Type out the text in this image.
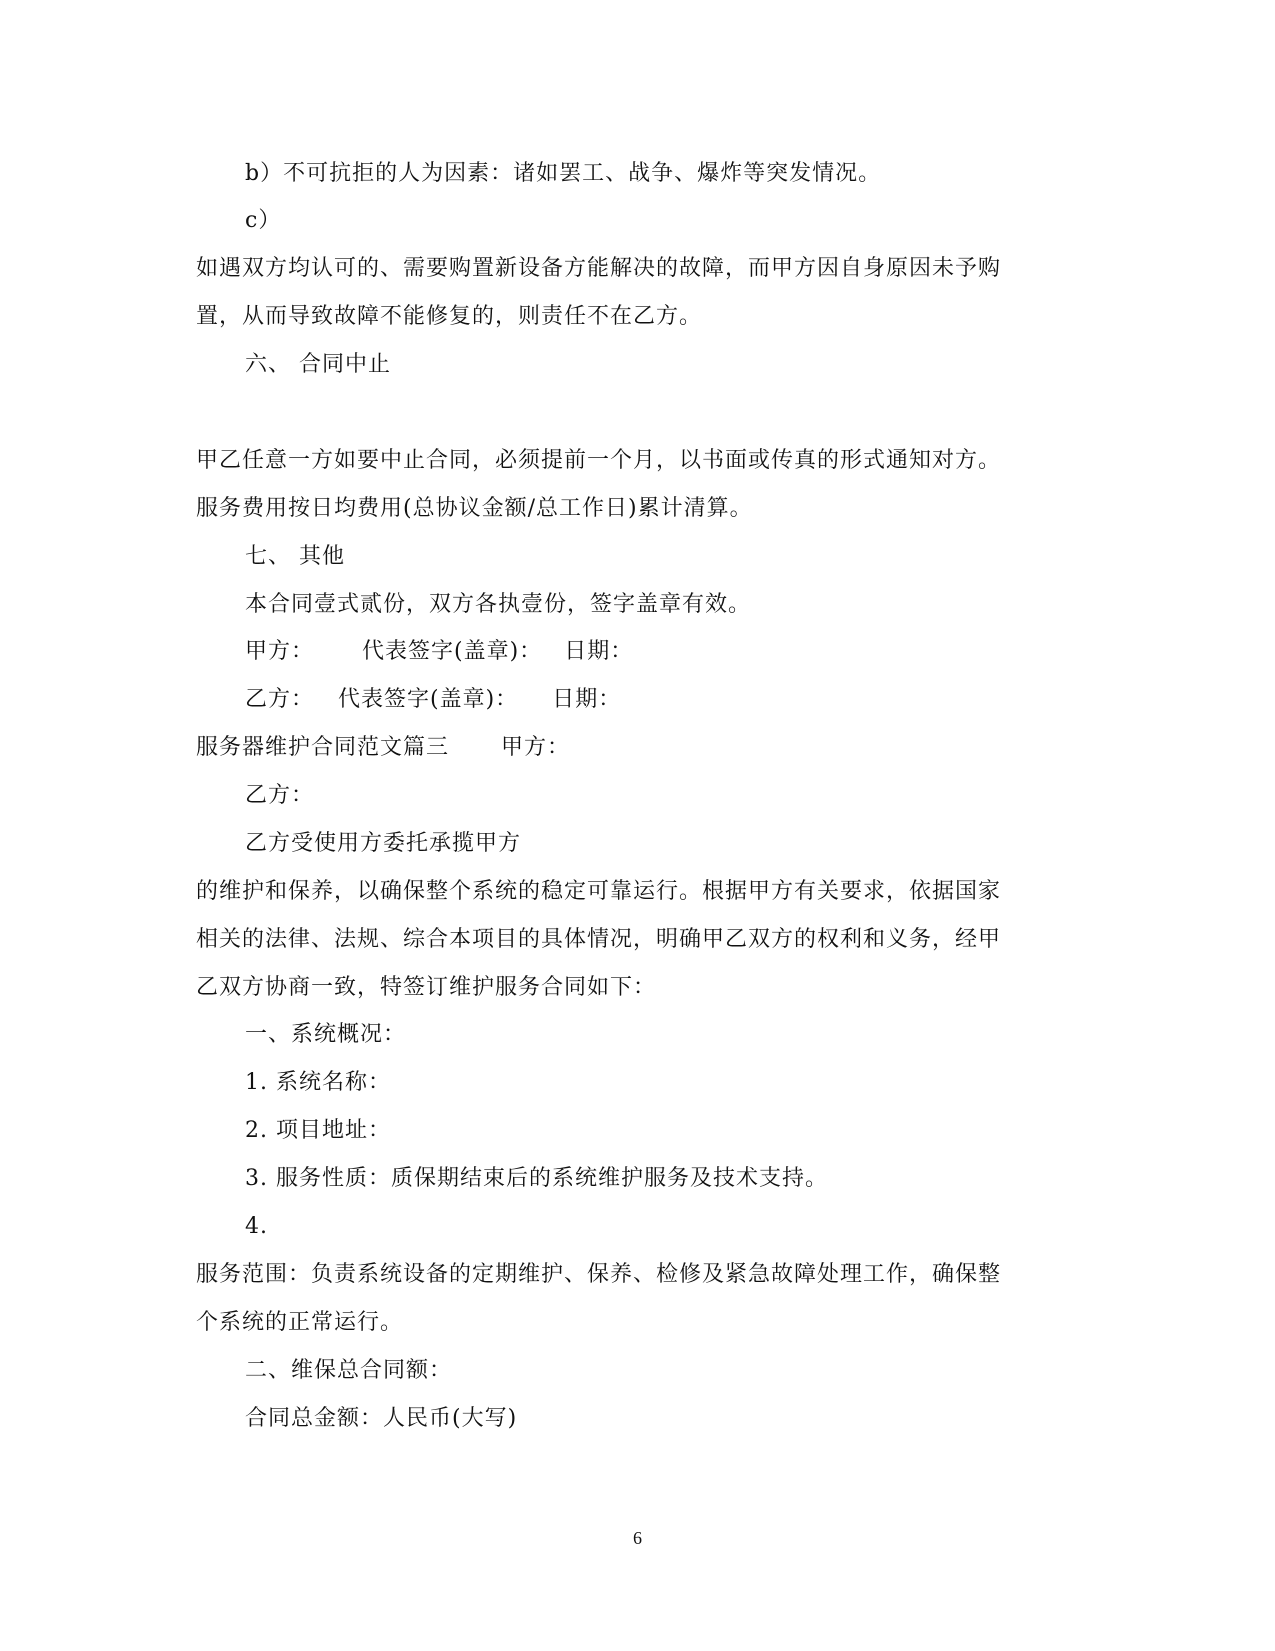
b）不可抗拒的人为因素：诸如罢工、战争、爆炸等突发情况。
c）
如遇双方均认可的、需要购置新设备方能解决的故障，而甲方因自身原因未予购
置，从而导致故障不能修复的，则责任不在乙方。
六、 合同中止
甲乙任意一方如要中止合同，必须提前一个月，以书面或传真的形式通知对方。
服务费用按日均费用(总协议金额/总工作日)累计清算。
七、 其他
本合同壹式贰份，双方各执壹份，签字盖章有效。
甲方： 代表签字(盖章)： 日期：
乙方： 代表签字(盖章)： 日期：
服务器维护合同范文篇三 甲方：
乙方：
乙方受使用方委托承揽甲方
的维护和保养，以确保整个系统的稳定可靠运行。根据甲方有关要求，依据国家
相关的法律、法规、综合本项目的具体情况，明确甲乙双方的权利和义务，经甲
乙双方协商一致，特签订维护服务合同如下：
一、系统概况：
1. 系统名称：
2. 项目地址：
3. 服务性质：质保期结束后的系统维护服务及技术支持。
4.
服务范围：负责系统设备的定期维护、保养、检修及紧急故障处理工作，确保整
个系统的正常运行。
二、维保总合同额：
合同总金额：人民币(大写)
6
